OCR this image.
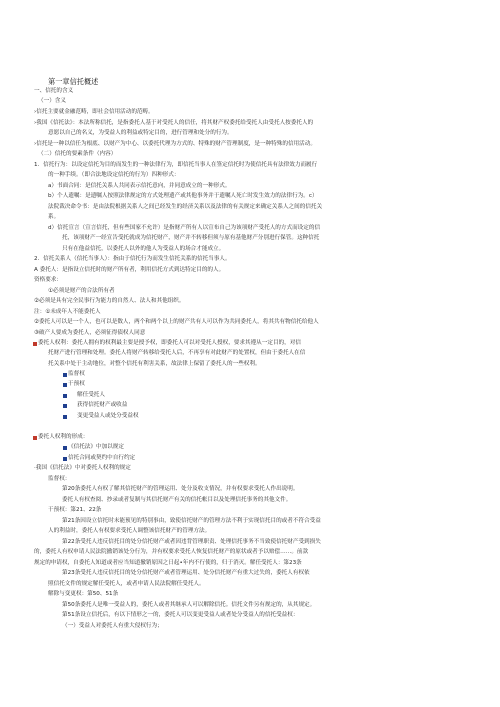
第一章信托概述
一、信托的含义
（一）含义
›信托主要就金融范畴，即社会信用活动的范畴。
›我国《信托法》：本法所称信托，是指委托人基于对受托人的信任，将其财产权委托给受托人由受托人按委托人的
意愿以自己的名义，为受益人的利益或特定目的，进行管理和处分的行为。
›信托是一种以信任为根底、以财产为中心、以委托代理为方式的、特殊的财产管理制度，是一种特殊的信用活动。
（二）信托的要素条件（内容）
1．信托行为：以设定信托为目的而发生的一种法律行为，即信托当事人在签定信托时为使信托具有法律效力而履行
的一种手续。（即合法地设定信托的行为）四种形式：
a）书面合同：是信托关系人共同表示信托意向，并同意成立的一种形式。
b）个人遗嘱：是遗嘱人按照法律规定的方式处理遗产或其他事务并于遗嘱人死亡时发生效力的法律行为。c）
法院裁决命令书：是由法院根据关系人之间已经发生的经济关系以及法律的有关规定来确定关系人之间的信托关
系。
d）信托宣言（宣言信托，但有些国家不允许）是指财产所有人以宣布自己为该项财产受托人的方式而设定的信
托，该项财产一经宣告受托就成为信托财产，财产并不转移但须与原有基他财产分别进行保管。这种信托
只有在他益信托，以委托人以外的他人为受益人的场合才能成立。
2．信托关系人（信托当事人）：指由于信托行为而发生信托关系的信托当事人。
A 委托人：是指设立信托时的财产所有者，利用信托方式到达特定目的的人。
资格要求：
①必须是财产的合法所有者
②必须是具有完全民事行为能力的自然人、法人和其他组织。
注：①未成年人不能委托人
②委托人可以是一个人，也可以是数人，两个和两个以上的财产共有人可以作为共同委托人，将其共有物信托给他人
③破产人要成为委托人，必须征得债权人同意
委托人权利：委托人拥有的权利最主要是授予权，即委托人可以对受托人授权，要求其遵从一定目的，对信
托财产进行管理和处理。委托人将财产转移给受托人后，不再享有对此财产的处置权，但由于委托人在信
托关系中处于主动地位，对整个信托有利害关系，故法律上保留了委托人的一些权利。
监督权
干预权
解任受托人
获得信托财产或收益
变更受益人或处分受益权
委托人权利的形成：
《信托法》中加以规定
信托合同或契约中自行约定
·我国《信托法》中对委托人权利的规定
监督权：
第20条委托人有权了解其信托财产的管理运用、处分及收支情况，并有权要求受托人作出说明。
委托人有权查阅、抄录或者复制与其信托财产有关的信托帐目以及处理信托事务的其他文件。
干预权：第21、22条
第21条因设立信托时未能预见的特别事由，致使信托财产的管理方法不利于实现信托目的或者不符合受益
人的利益时，委托人有权要求受托人调整该信托财产的管理方法。
第22条受托人违反信托目的处分信托财产或者因违背管理职责、处理信托事务不当致使信托财产受到损失
的，委托人有权申请人民法院撤销该处分行为，并有权要求受托人恢复信托财产的原状或者予以赔偿……。前款
规定的申请权，自委托人知道或者应当知道撤销原因之日起•年内不行使的，归于消灭。解任受托人：第23条
第23条受托人违反信托目的处分信托财产或者管理运用、处分信托财产有重大过失的，委托人有权依
照信托文件的规定解任受托人，或者申请人民法院解任受托人。
解除与变更权：第50、51条
第50条委托人是唯一受益人的，委托人或者其继承人可以解除信托。信托文件另有规定的，从其规定。
第51条设立信托后，有以下情形之一的，委托人可以变更受益人或者处分受益人的信托受益权：
（一）受益人对委托人有重大侵权行为；
